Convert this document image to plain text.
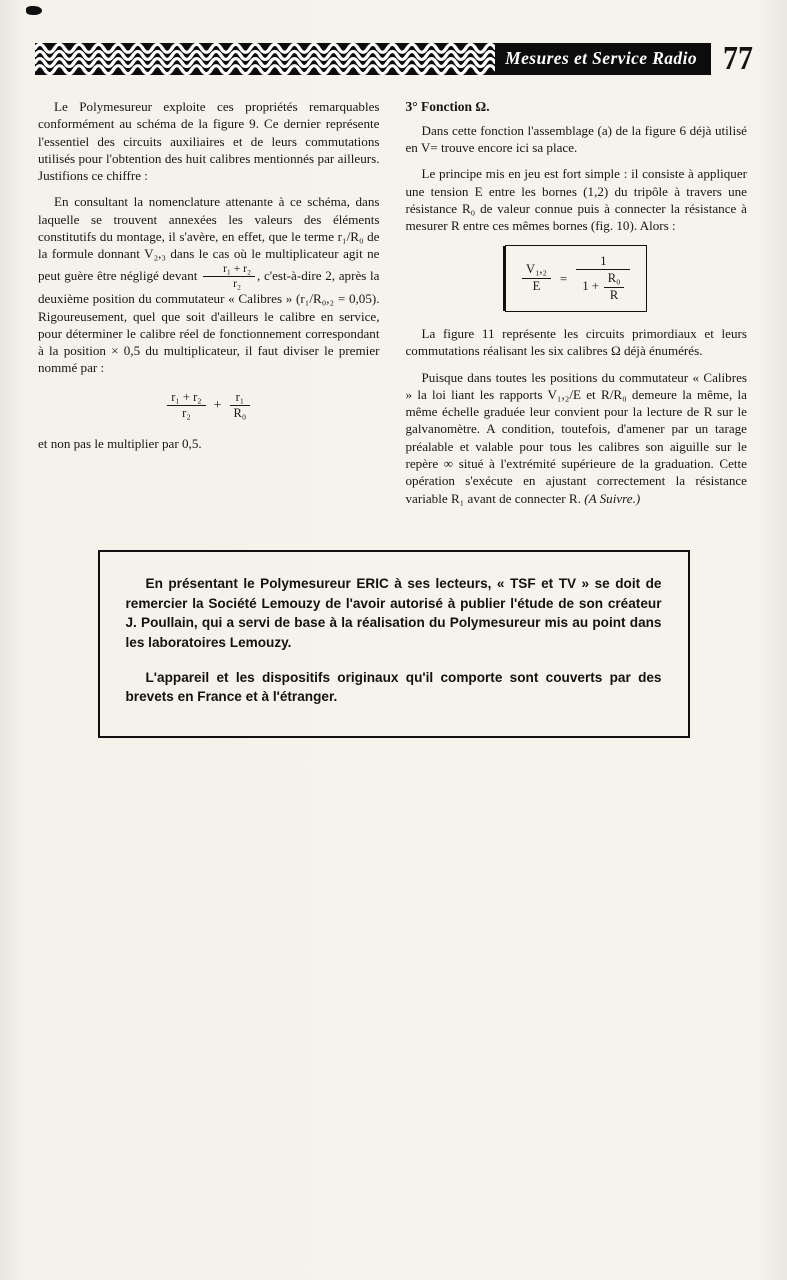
Mesures et Service Radio 77

Le Polymesureur exploite ces propriétés remarquables conformément au schéma de la figure 9. Ce dernier représente l'essentiel des circuits auxiliaires et de leurs commutations utilisés pour l'obtention des huit calibres mentionnés par ailleurs. Justifions ce chiffre :

En consultant la nomenclature attenante à ce schéma, dans laquelle se trouvent annexées les valeurs des éléments constitutifs du montage, il s'avère, en effet, que le terme r₁/R₀ de la formule donnant V₂,₃ dans le cas où le multiplicateur agit ne peut guère être négligé devant $\frac{\text{r₁ + r₂}}{\text{r₂}}$ , c'est-à-dire 2, après la deuxième position du commutateur « Calibres » (r₁/R₀,₂ = 0,05). Rigoureusement, quel que soit d'ailleurs le calibre en service, pour déterminer le calibre réel de fonctionnement correspondant à la position × 0,5 du multiplicateur, il faut diviser le premier nommé par :

$\frac{\text{r₁ + r₂}}{\text{r₂}} + \frac{\text{r₁}}{\text{R₀}}$

et non pas le multiplier par 0,5.

3° Fonction Ω.

Dans cette fonction l'assemblage (a) de la figure 6 déjà utilisé en V= trouve encore ici sa place.

Le principe mis en jeu est fort simple : il consiste à appliquer une tension E entre les bornes (1,2) du tripôle à travers une résistance R₀ de valeur connue puis à connecter la résistance à mesurer R entre ces mêmes bornes (fig. 10). Alors :

$\frac{\text{V₁,₂}}{E} = \frac{1}{1 + \frac{\text{R₀}}{R}}$

La figure 11 représente les circuits primordiaux et leurs commutations réalisant les six calibres Ω déjà énumérés.

Puisque dans toutes les positions du commutateur « Calibres » la loi liant les rapports V₁,₂/E et R/R₀ demeure la même, la même échelle graduée leur convient pour la lecture de R sur le galvanomètre. A condition, toutefois, d'amener par un tarage préalable et valable pour tous les calibres son aiguille sur le repère ∞ situé à l'extrémité supérieure de la graduation. Cette opération s'exécute en ajustant correctement la résistance variable R₁ avant de connecter R. (A Suivre.)

En présentant le Polymesureur ERIC à ses lecteurs, « TSF et TV » se doit de remercier la Société Lemouzy de l'avoir autorisé à publier l'étude de son créateur J. Poullain, qui a servi de base à la réalisation du Polymesureur mis au point dans les laboratoires Lemouzy.

L'appareil et les dispositifs originaux qu'il comporte sont couverts par des brevets en France et à l'étranger.
